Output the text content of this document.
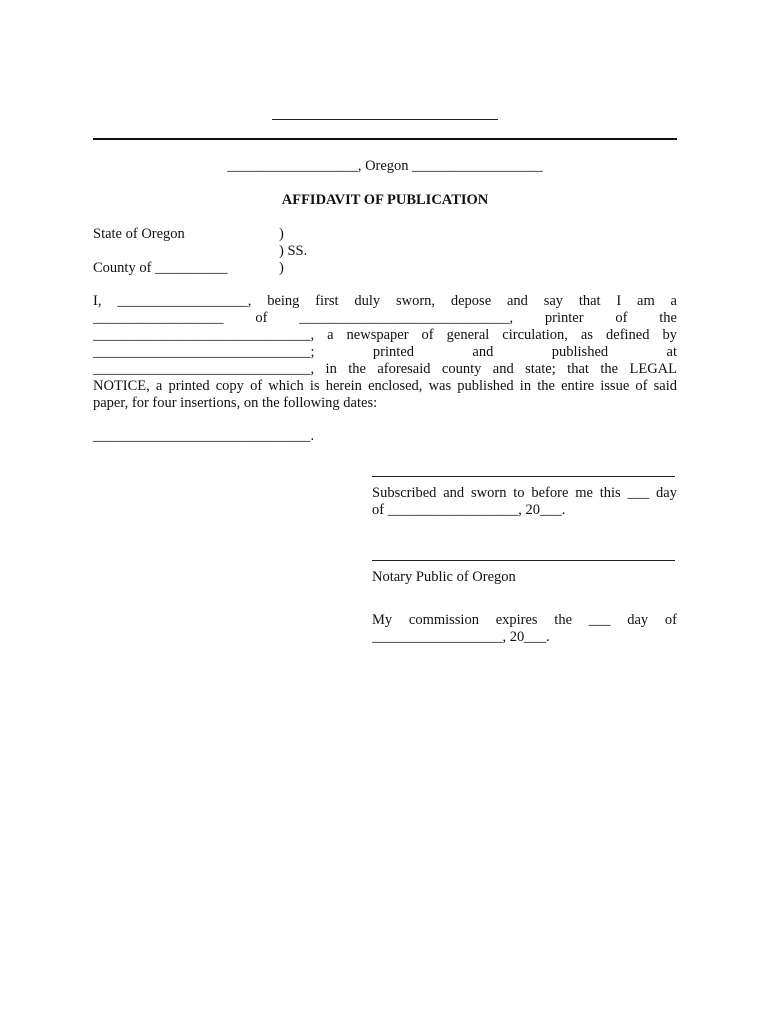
__________________, Oregon __________________
AFFIDAVIT OF PUBLICATION

State of Oregon

	)

) SS.

County of __________

	)

I, __________________, being first duly sworn, depose and say that I am a
__________________ of _____________________________, printer of the
______________________________, a newspaper of general circulation, as defined by
______________________________; printed and published at
______________________________, in the aforesaid county and state; that the LEGAL
NOTICE, a printed copy of which is herein enclosed, was published in the entire issue of said
paper, for four insertions, on the following dates:
______________________________.
Subscribed and sworn to before me this ___ day
of __________________, 20___.
Notary Public of Oregon
My commission expires the ___ day of
__________________, 20___.
